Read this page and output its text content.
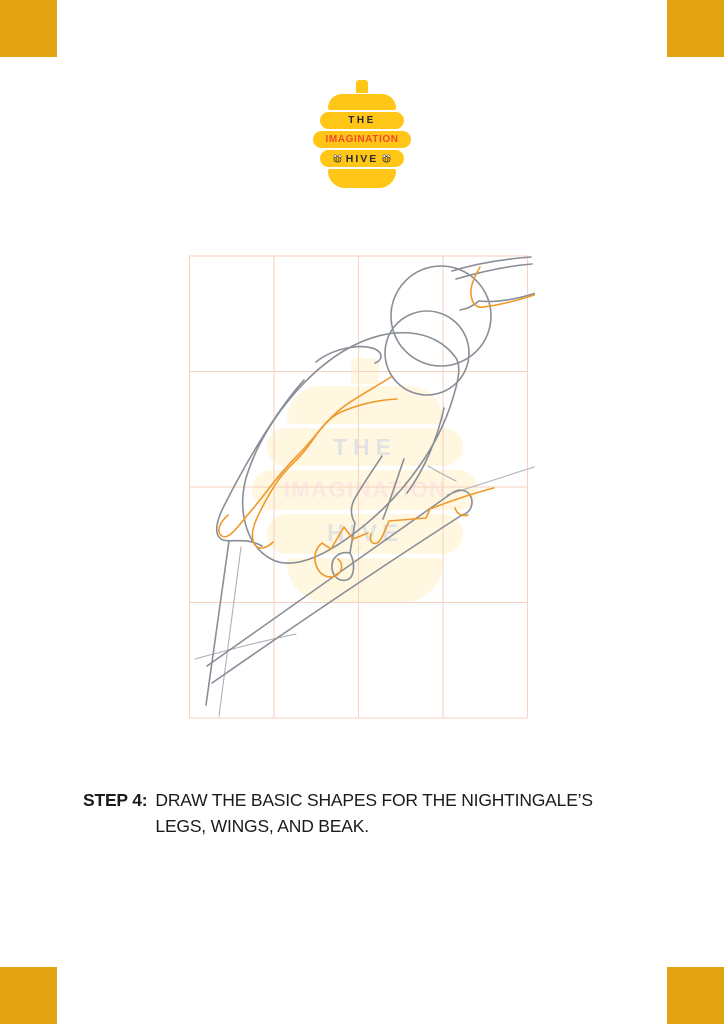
THE
IMAGINATION
HIVE
THE
IMAGINATION
HIVE
STEP 4: DRAW THE BASIC SHAPES FOR THE NIGHTINGALE’S
LEGS, WINGS, AND BEAK.
